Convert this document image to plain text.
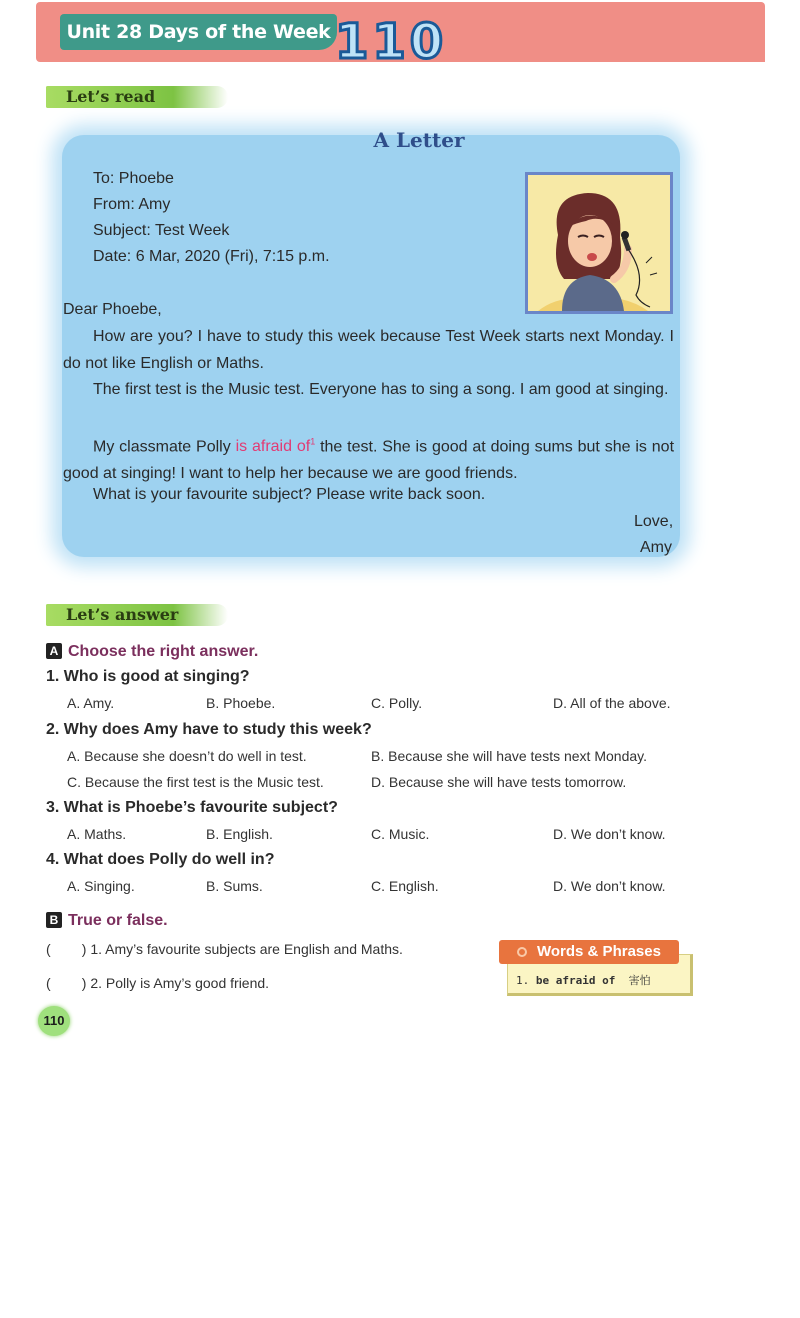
Unit 28 Days of the Week 110
Let’s read
A Letter
To: Phoebe
From: Amy
Subject: Test Week
Date: 6 Mar, 2020 (Fri), 7:15 p.m.
Dear Phoebe,
How are you? I have to study this week because Test Week starts next Monday. I do not like English or Maths.
The first test is the Music test. Everyone has to sing a song. I am good at singing.
My classmate Polly is afraid $of^1$ the test. She is good at doing sums but she is not good at singing! I want to help her because we are good friends.
What is your favourite subject? Please write back soon.
Love,
Amy
Let’s answer
A Choose the right answer.
1. Who is good at singing?
A. Amy.	B. Phoebe.	C. Polly.	D. All of the above.
2. Why does Amy have to study this week?
A. Because she doesn’t do well in test.	B. Because she will have tests next Monday.
C. Because the first test is the Music test.	D. Because she will have tests tomorrow.
3. What is Phoebe’s favourite subject?
A. Maths.	B. English.	C. Music.	D. We don’t know.
4. What does Polly do well in?
A. Singing.	B. Sums.	C. English.	D. We don’t know.
B True or false.
(        ) 1. Amy’s favourite subjects are English and Maths.
(        ) 2. Polly is Amy’s good friend.	1. be afraid of 害怕
Words & Phrases
110
